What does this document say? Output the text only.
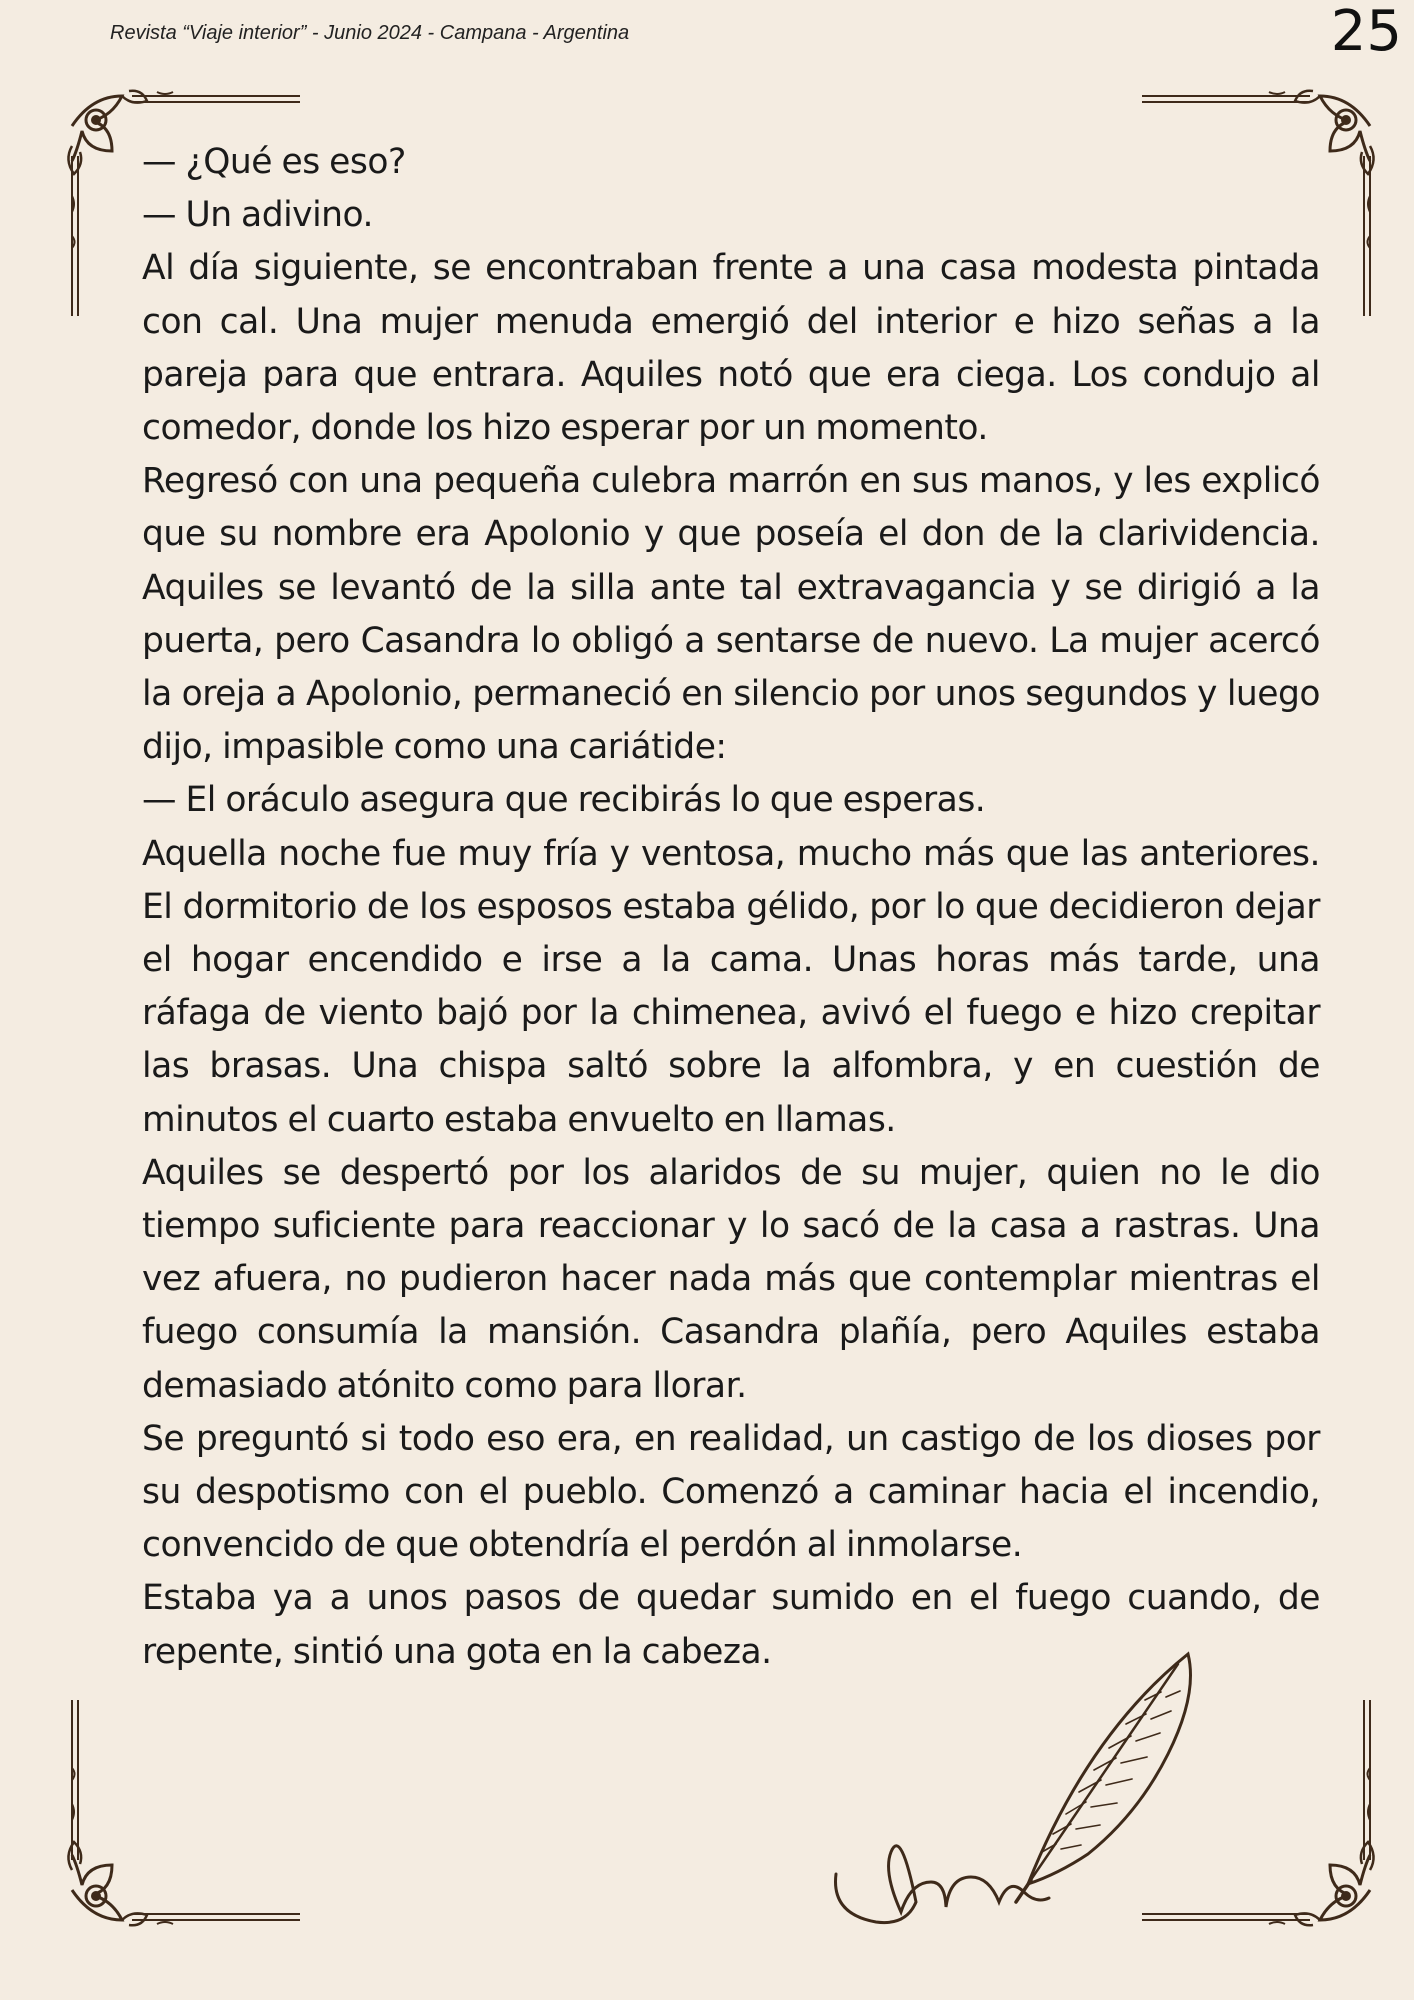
Revista “Viaje interior” - Junio 2024 - Campana - Argentina	25

— ¿Qué es eso?

— Un adivino.

Al día siguiente, se encontraban frente a una casa modesta pintada con cal. Una mujer menuda emergió del interior e hizo señas a la pareja para que entrara. Aquiles notó que era ciega. Los condujo al comedor, donde los hizo esperar por un momento.

Regresó con una pequeña culebra marrón en sus manos, y les explicó que su nombre era Apolonio y que poseía el don de la clarividencia. Aquiles se levantó de la silla ante tal extravagancia y se dirigió a la puerta, pero Casandra lo obligó a sentarse de nuevo. La mujer acercó la oreja a Apolonio, permaneció en silencio por unos segundos y luego dijo, impasible como una cariátide:

— El oráculo asegura que recibirás lo que esperas.

Aquella noche fue muy fría y ventosa, mucho más que las anteriores. El dormitorio de los esposos estaba gélido, por lo que decidieron dejar el hogar encendido e irse a la cama. Unas horas más tarde, una ráfaga de viento bajó por la chimenea, avivó el fuego e hizo crepitar las brasas. Una chispa saltó sobre la alfombra, y en cuestión de minutos el cuarto estaba envuelto en llamas.

Aquiles se despertó por los alaridos de su mujer, quien no le dio tiempo suficiente para reaccionar y lo sacó de la casa a rastras. Una vez afuera, no pudieron hacer nada más que contemplar mientras el fuego consumía la mansión. Casandra plañía, pero Aquiles estaba demasiado atónito como para llorar.

Se preguntó si todo eso era, en realidad, un castigo de los dioses por su despotismo con el pueblo. Comenzó a caminar hacia el incendio, convencido de que obtendría el perdón al inmolarse.

Estaba ya a unos pasos de quedar sumido en el fuego cuando, de repente, sintió una gota en la cabeza.
